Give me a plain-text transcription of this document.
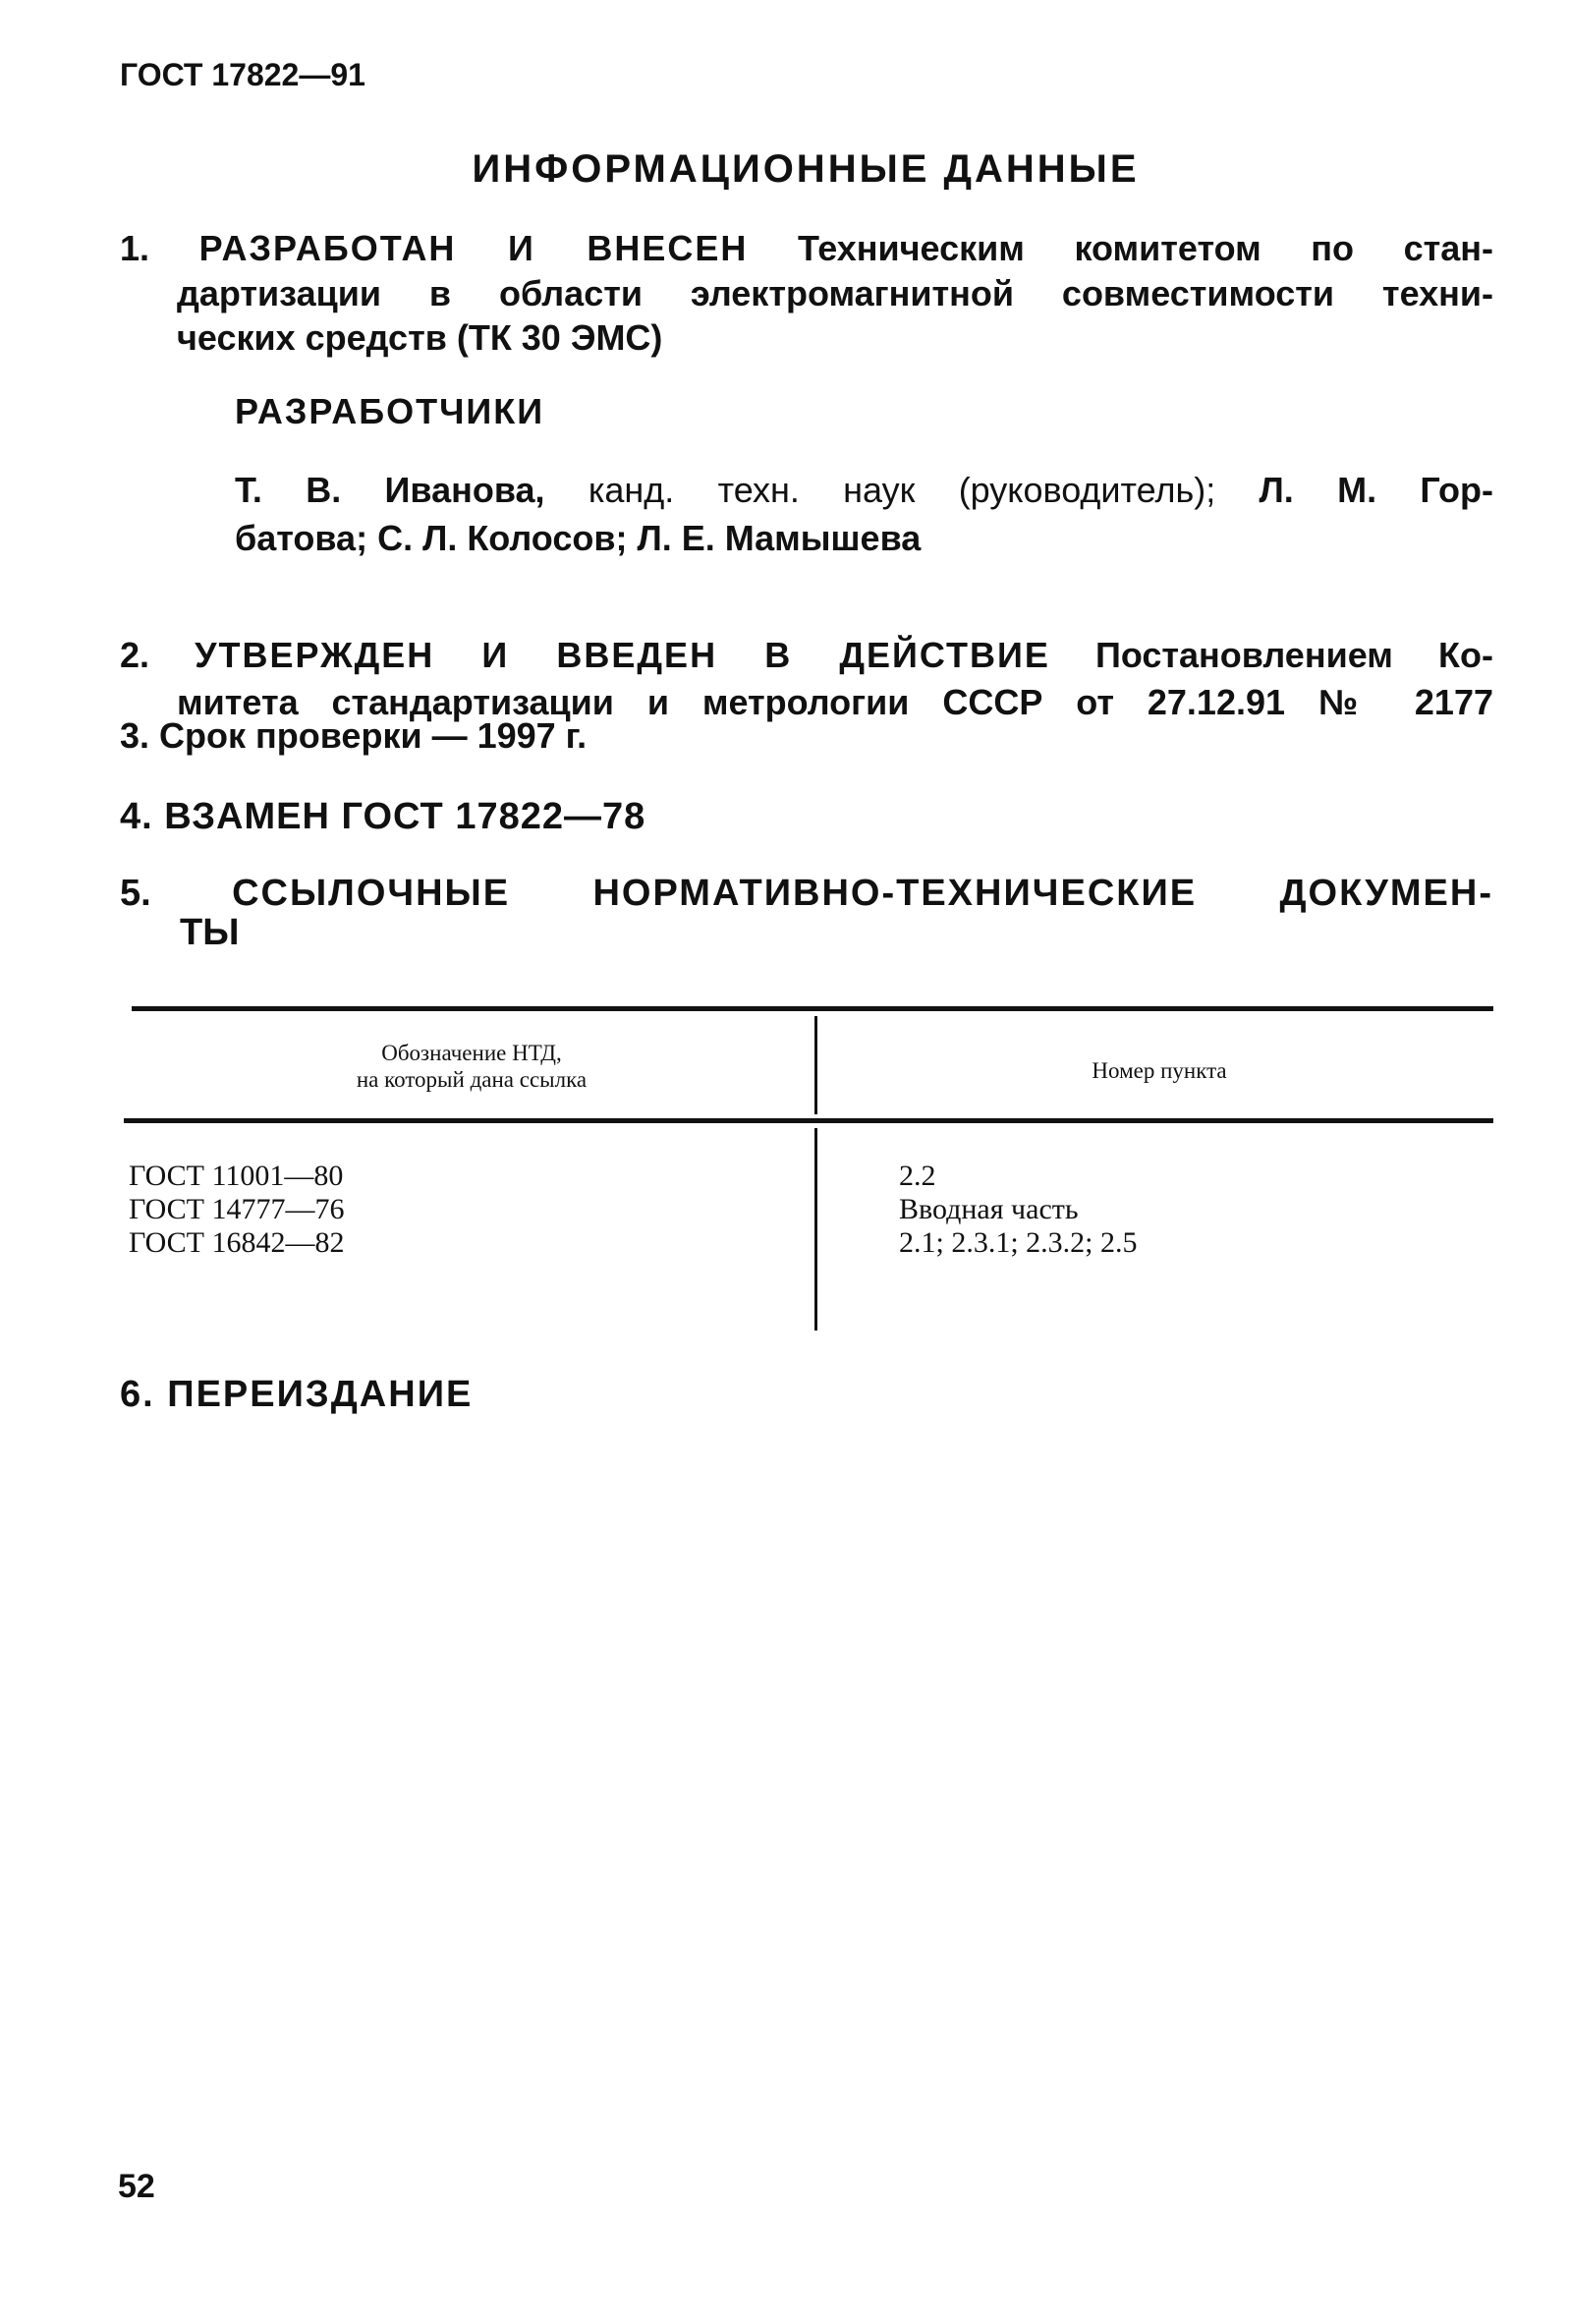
ГОСТ 17822—91
ИНФОРМАЦИОННЫЕ ДАННЫЕ
1. РАЗРАБОТАН И ВНЕСЕН Техническим комитетом по стан-
дартизации в области электромагнитной совместимости техни-
ческих средств (ТК 30 ЭМС)
РАЗРАБОТЧИКИ
Т. В. Иванова, канд. техн. наук (руководитель); Л. М. Гор-
батова; С. Л. Колосов; Л. Е. Мамышева
2. УТВЕРЖДЕН И ВВЕДЕН В ДЕЙСТВИЕ Постановлением Ко-
митета стандартизации и метрологии СССР от 27.12.91 № 2177
3. Срок проверки — 1997 г.
4. ВЗАМЕН ГОСТ 17822—78
5. ССЫЛОЧНЫЕ НОРМАТИВНО-ТЕХНИЧЕСКИЕ ДОКУМЕН-
ТЫ
Обозначение НТД,
на который дана ссылка	Номер пункта
ГОСТ 11001—80
ГОСТ 14777—76
ГОСТ 16842—82
2.2
Вводная часть
2.1; 2.3.1; 2.3.2; 2.5
6. ПЕРЕИЗДАНИЕ
52
